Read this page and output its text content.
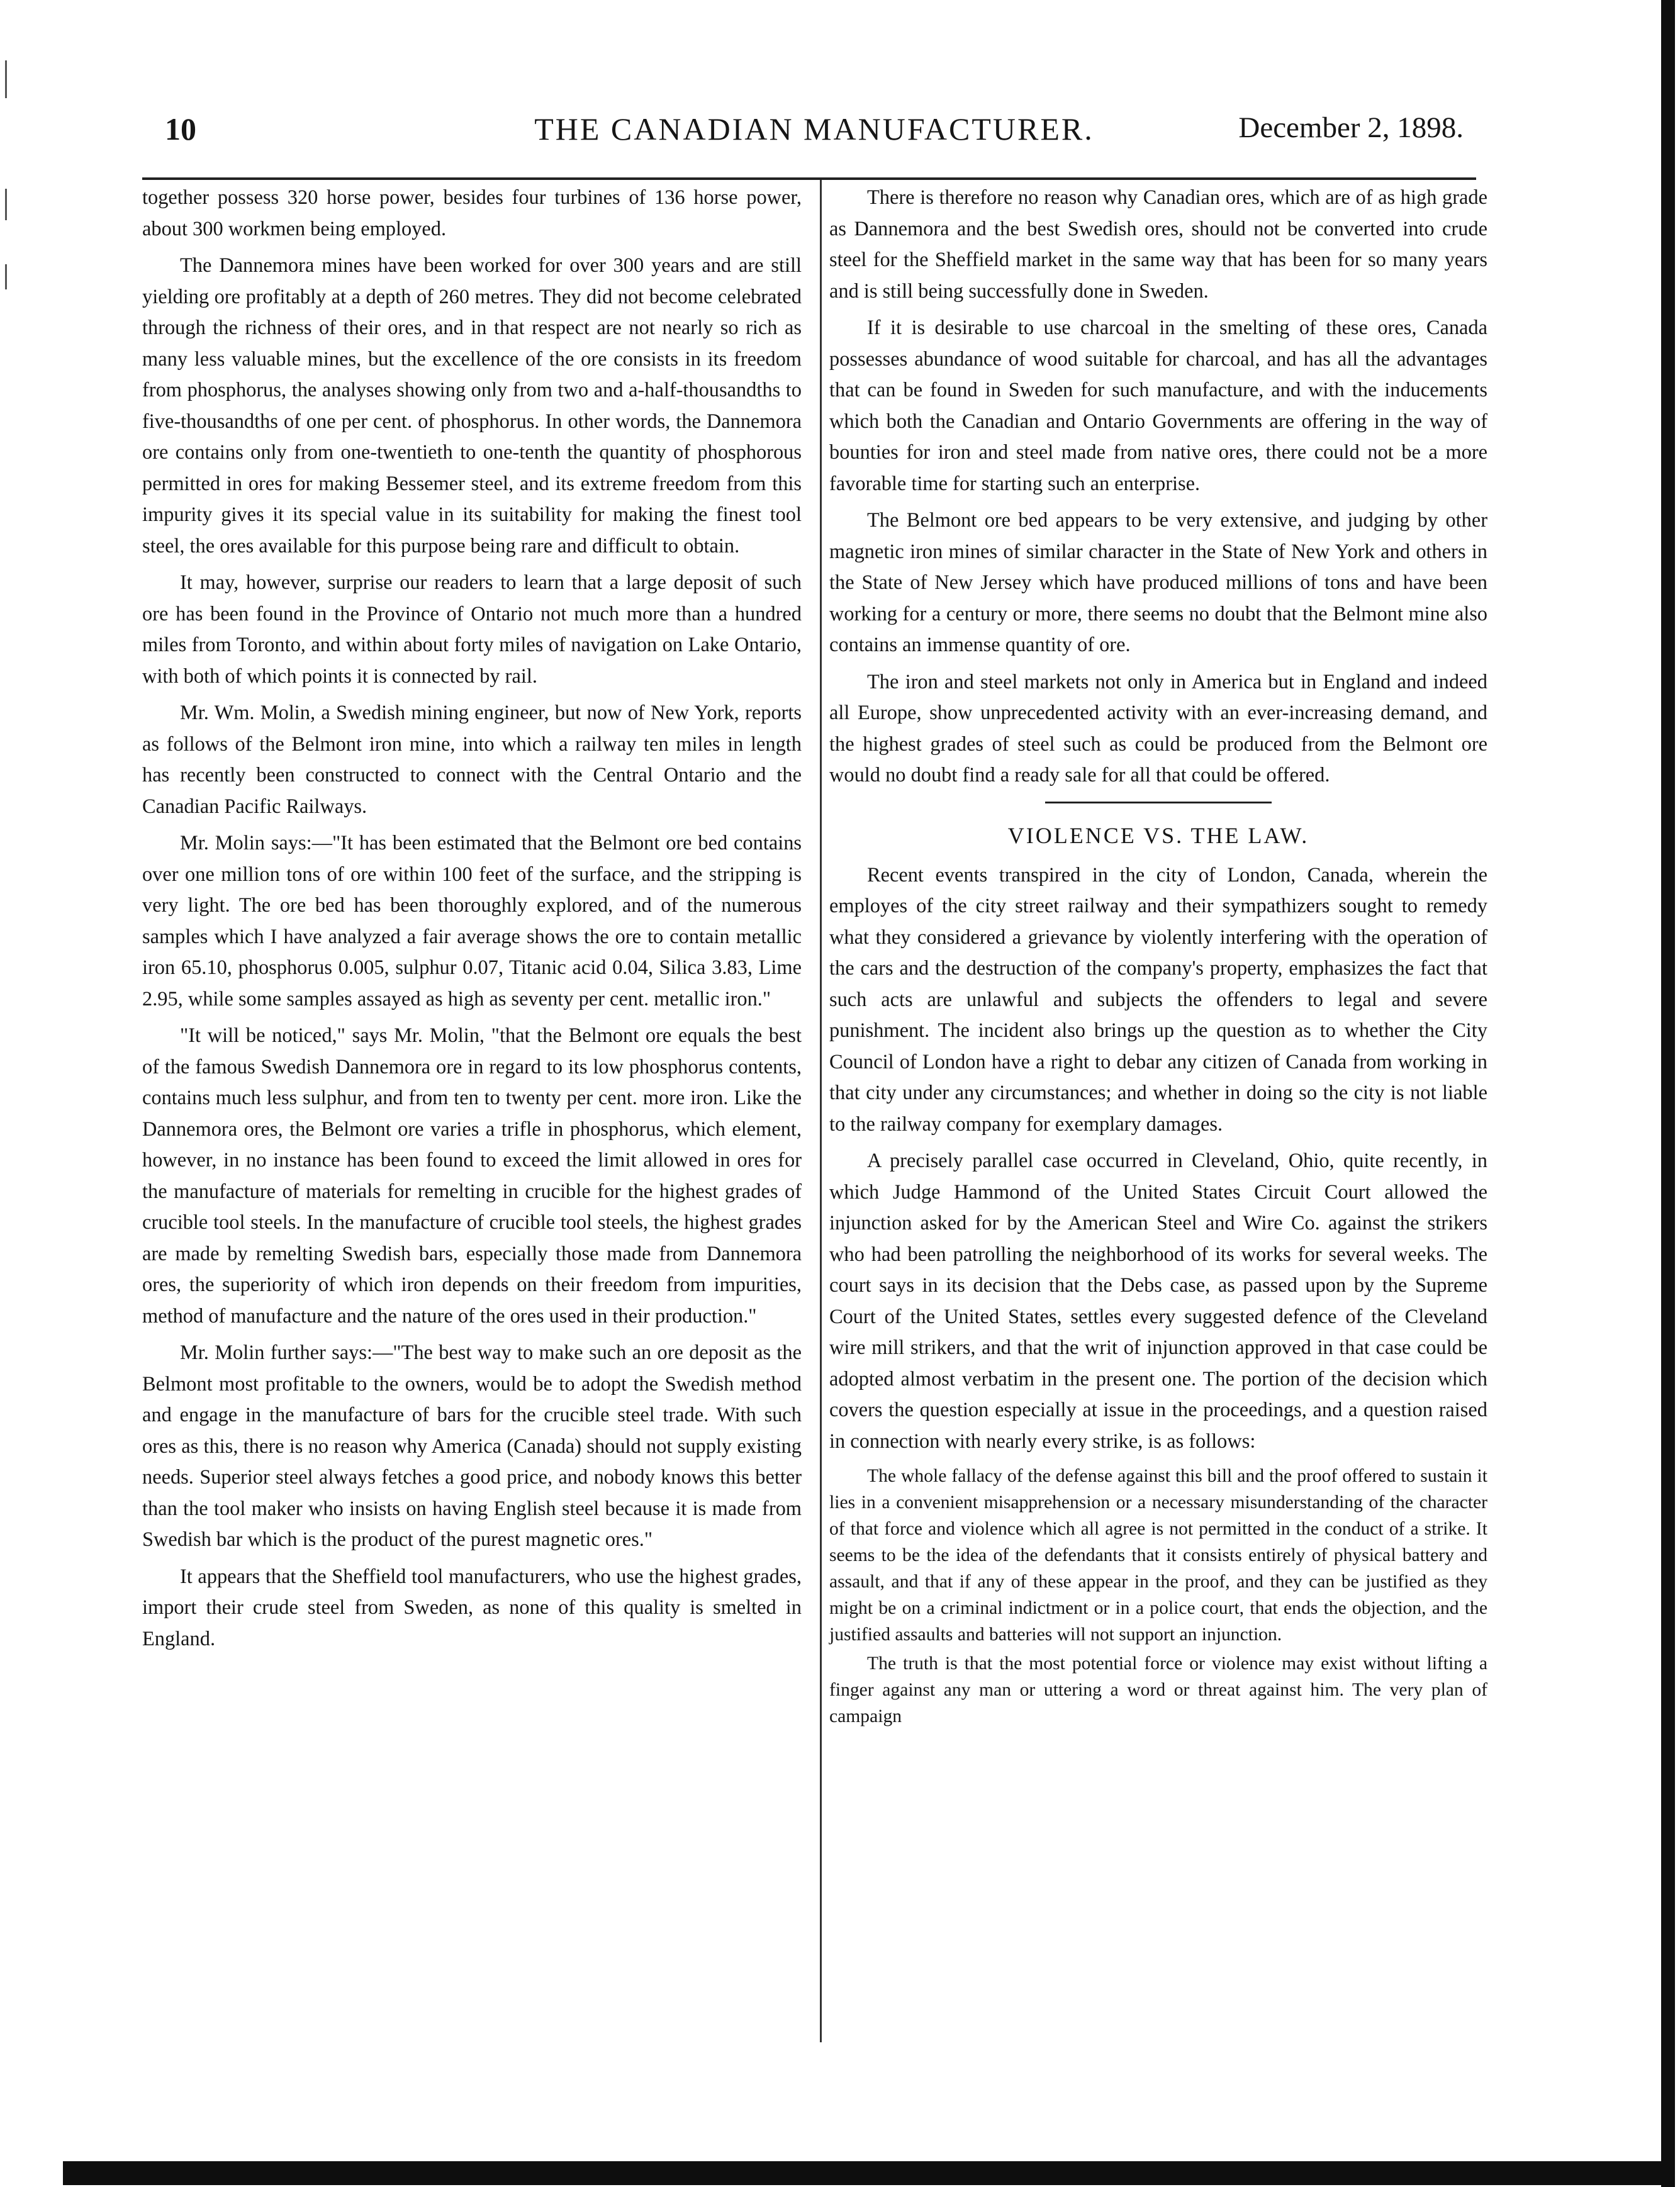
10	THE CANADIAN MANUFACTURER.	December 2, 1898.

together possess 320 horse power, besides four turbines of 136 horse power, about 300 workmen being employed.

The Dannemora mines have been worked for over 300 years and are still yielding ore profitably at a depth of 260 metres. They did not become celebrated through the richness of their ores, and in that respect are not nearly so rich as many less valuable mines, but the excellence of the ore consists in its freedom from phosphorus, the analyses showing only from two and a-half-thousandths to five-thousandths of one per cent. of phosphorus. In other words, the Dannemora ore contains only from one-twentieth to one-tenth the quantity of phosphorous permitted in ores for making Bessemer steel, and its extreme freedom from this impurity gives it its special value in its suitability for making the finest tool steel, the ores available for this purpose being rare and difficult to obtain.

It may, however, surprise our readers to learn that a large deposit of such ore has been found in the Province of Ontario not much more than a hundred miles from Toronto, and within about forty miles of navigation on Lake Ontario, with both of which points it is connected by rail.

Mr. Wm. Molin, a Swedish mining engineer, but now of New York, reports as follows of the Belmont iron mine, into which a railway ten miles in length has recently been constructed to connect with the Central Ontario and the Canadian Pacific Railways.

Mr. Molin says:—"It has been estimated that the Belmont ore bed contains over one million tons of ore within 100 feet of the surface, and the stripping is very light. The ore bed has been thoroughly explored, and of the numerous samples which I have analyzed a fair average shows the ore to contain metallic iron 65.10, phosphorus 0.005, sulphur 0.07, Titanic acid 0.04, Silica 3.83, Lime 2.95, while some samples assayed as high as seventy per cent. metallic iron."

"It will be noticed," says Mr. Molin, "that the Belmont ore equals the best of the famous Swedish Dannemora ore in regard to its low phosphorus contents, contains much less sulphur, and from ten to twenty per cent. more iron. Like the Dannemora ores, the Belmont ore varies a trifle in phosphorus, which element, however, in no instance has been found to exceed the limit allowed in ores for the manufacture of materials for remelting in crucible for the highest grades of crucible tool steels. In the manufacture of crucible tool steels, the highest grades are made by remelting Swedish bars, especially those made from Dannemora ores, the superiority of which iron depends on their freedom from impurities, method of manufacture and the nature of the ores used in their production."

Mr. Molin further says:—"The best way to make such an ore deposit as the Belmont most profitable to the owners, would be to adopt the Swedish method and engage in the manufacture of bars for the crucible steel trade. With such ores as this, there is no reason why America (Canada) should not supply existing needs. Superior steel always fetches a good price, and nobody knows this better than the tool maker who insists on having English steel because it is made from Swedish bar which is the product of the purest magnetic ores."

It appears that the Sheffield tool manufacturers, who use the highest grades, import their crude steel from Sweden, as none of this quality is smelted in England.

There is therefore no reason why Canadian ores, which are of as high grade as Dannemora and the best Swedish ores, should not be converted into crude steel for the Sheffield market in the same way that has been for so many years and is still being successfully done in Sweden.

If it is desirable to use charcoal in the smelting of these ores, Canada possesses abundance of wood suitable for charcoal, and has all the advantages that can be found in Sweden for such manufacture, and with the inducements which both the Canadian and Ontario Governments are offering in the way of bounties for iron and steel made from native ores, there could not be a more favorable time for starting such an enterprise.

The Belmont ore bed appears to be very extensive, and judging by other magnetic iron mines of similar character in the State of New York and others in the State of New Jersey which have produced millions of tons and have been working for a century or more, there seems no doubt that the Belmont mine also contains an immense quantity of ore.

The iron and steel markets not only in America but in England and indeed all Europe, show unprecedented activity with an ever-increasing demand, and the highest grades of steel such as could be produced from the Belmont ore would no doubt find a ready sale for all that could be offered.

VIOLENCE VS. THE LAW.

Recent events transpired in the city of London, Canada, wherein the employes of the city street railway and their sympathizers sought to remedy what they considered a grievance by violently interfering with the operation of the cars and the destruction of the company's property, emphasizes the fact that such acts are unlawful and subjects the offenders to legal and severe punishment. The incident also brings up the question as to whether the City Council of London have a right to debar any citizen of Canada from working in that city under any circumstances; and whether in doing so the city is not liable to the railway company for exemplary damages.

A precisely parallel case occurred in Cleveland, Ohio, quite recently, in which Judge Hammond of the United States Circuit Court allowed the injunction asked for by the American Steel and Wire Co. against the strikers who had been patrolling the neighborhood of its works for several weeks. The court says in its decision that the Debs case, as passed upon by the Supreme Court of the United States, settles every suggested defence of the Cleveland wire mill strikers, and that the writ of injunction approved in that case could be adopted almost verbatim in the present one. The portion of the decision which covers the question especially at issue in the proceedings, and a question raised in connection with nearly every strike, is as follows:

The whole fallacy of the defense against this bill and the proof offered to sustain it lies in a convenient misapprehension or a necessary misunderstanding of the character of that force and violence which all agree is not permitted in the conduct of a strike. It seems to be the idea of the defendants that it consists entirely of physical battery and assault, and that if any of these appear in the proof, and they can be justified as they might be on a criminal indictment or in a police court, that ends the objection, and the justified assaults and batteries will not support an injunction.

The truth is that the most potential force or violence may exist without lifting a finger against any man or uttering a word or threat against him. The very plan of campaign
